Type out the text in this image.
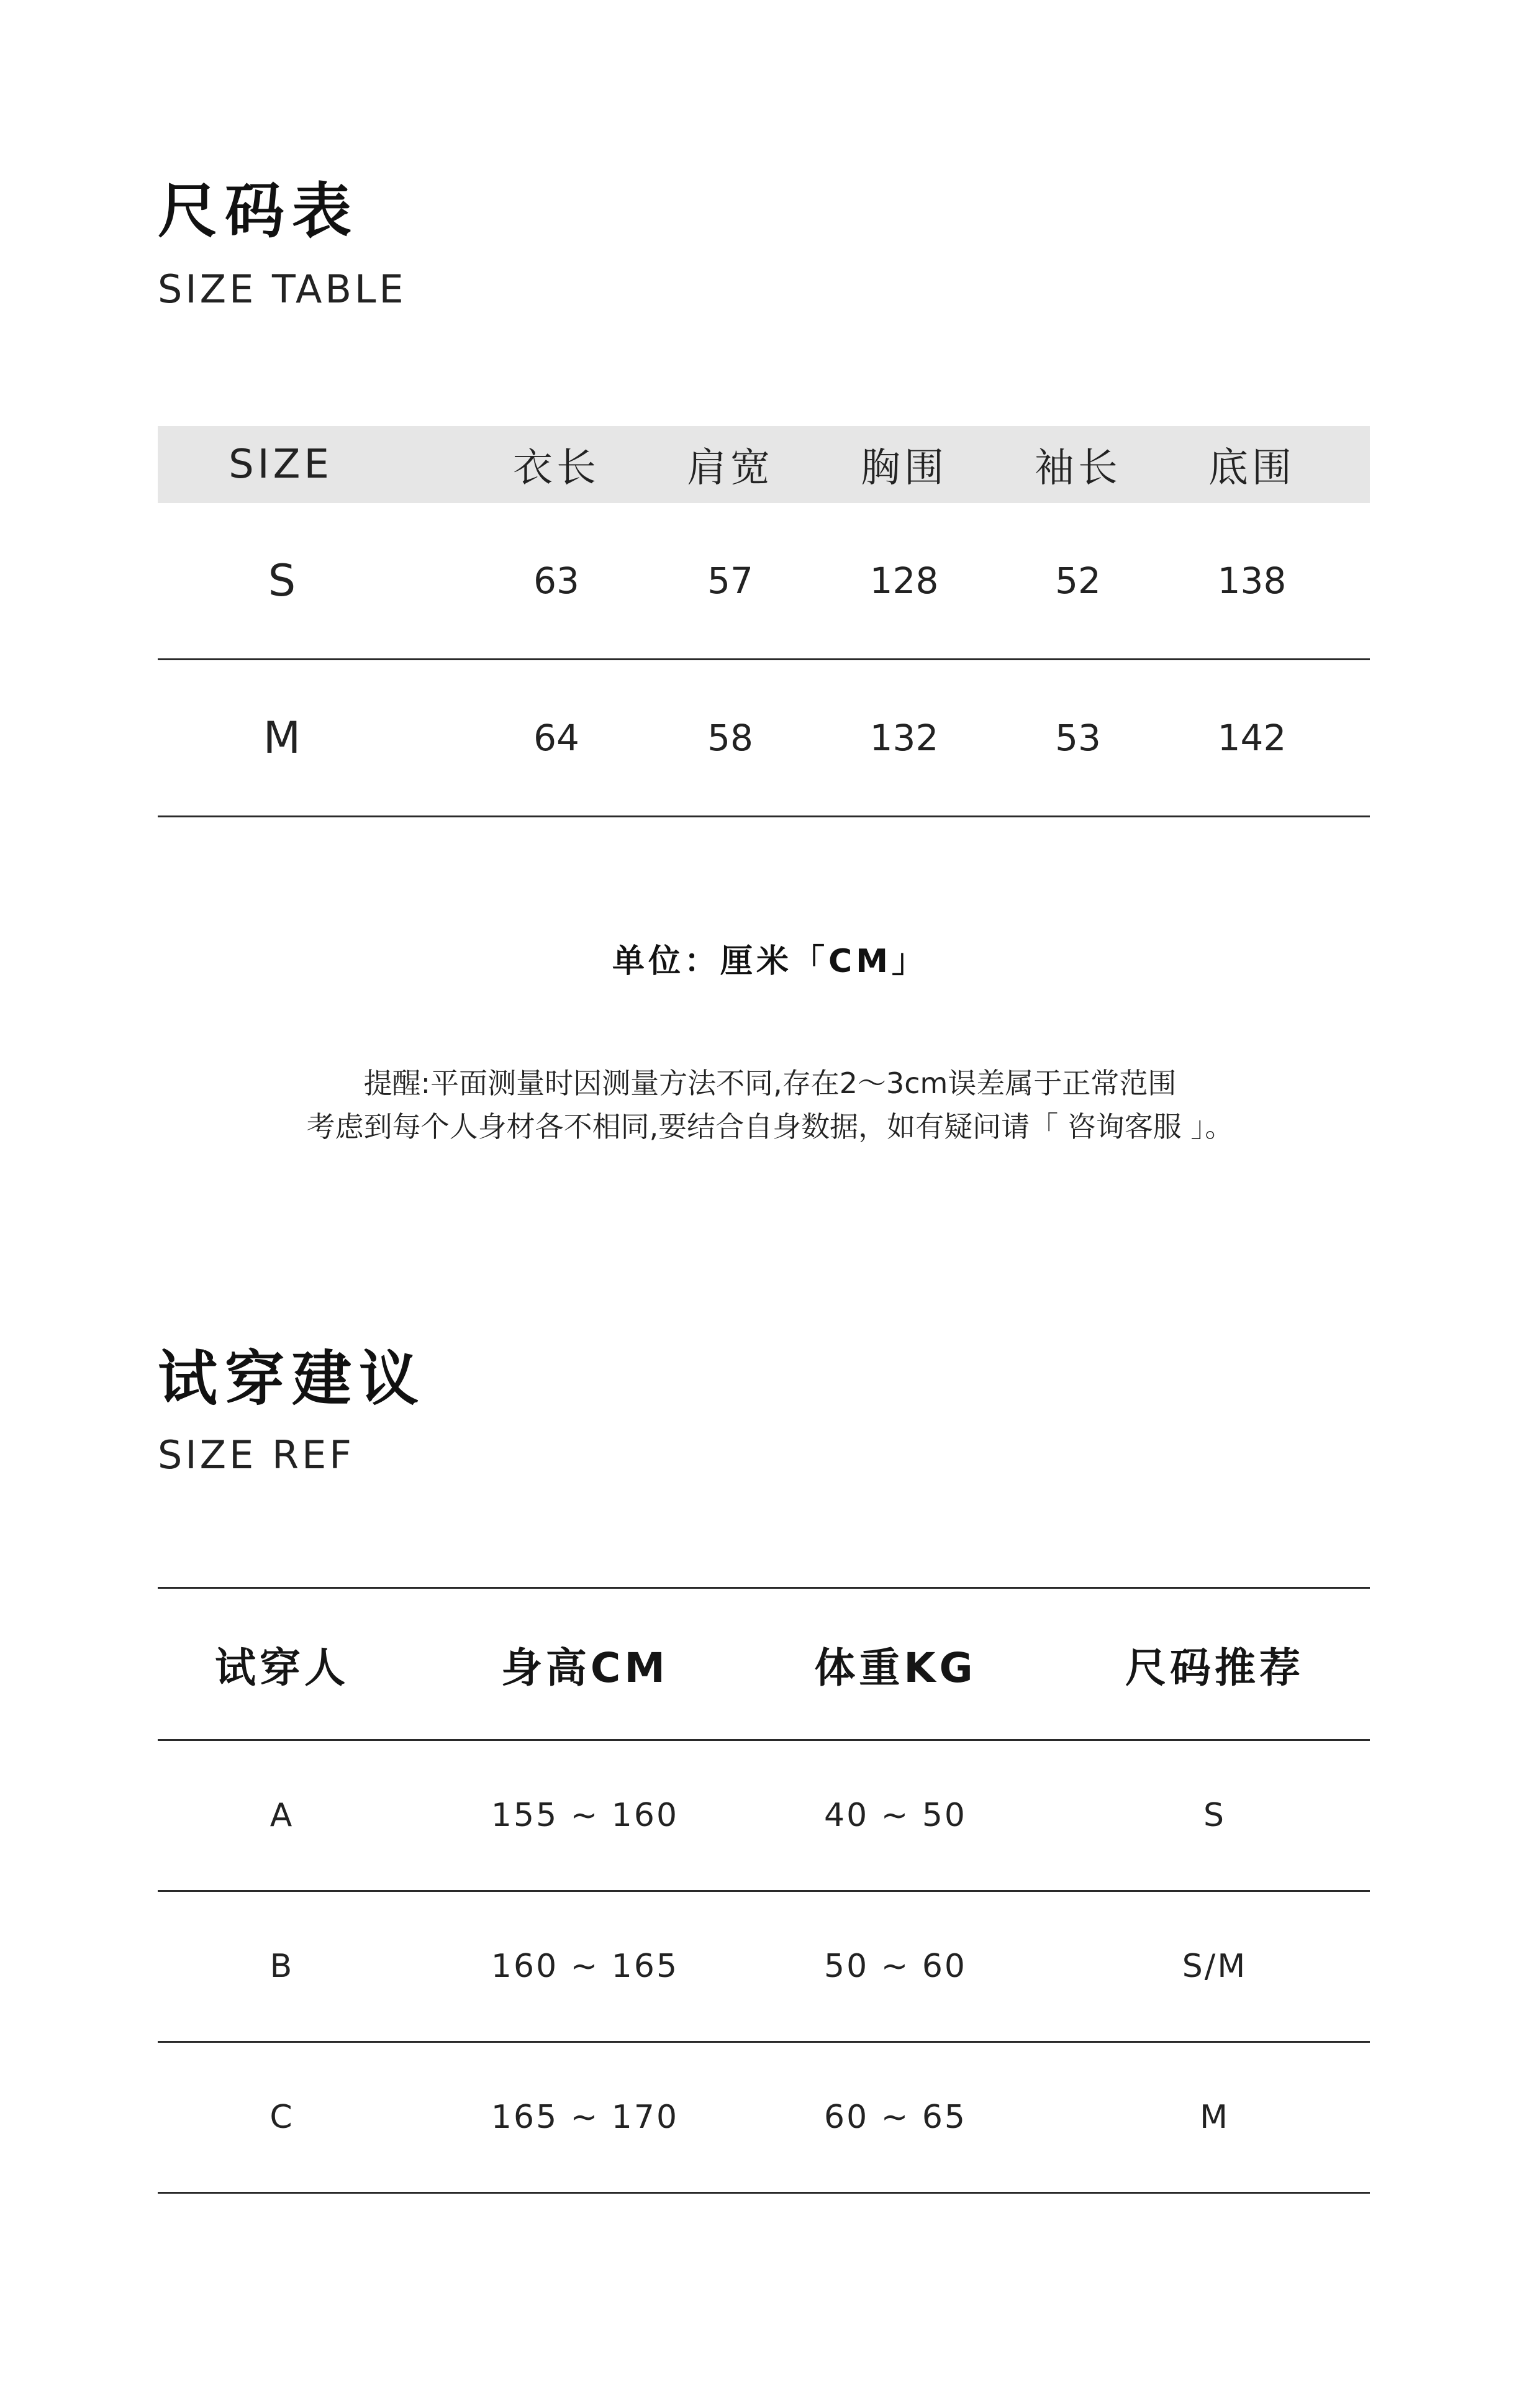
尺码表
SIZE TABLE
SIZE	衣长 肩宽 胸围 袖长 底围
S	63	57	128	52	138
M	64	58	132	53	142
单位：厘米「CM」
提醒:平面测量时因测量方法不同,存在2～3cm误差属于正常范围
考虑到每个人身材各不相同,要结合自身数据，如有疑问请「 咨询客服 」。
试穿建议
SIZE REF
试穿人	身高CM	体重KG	尺码推荐
A	155 ~ 160	40 ~ 50	S
B	160 ~ 165	50 ~ 60	S/M
C	165 ~ 170	60 ~ 65	M
